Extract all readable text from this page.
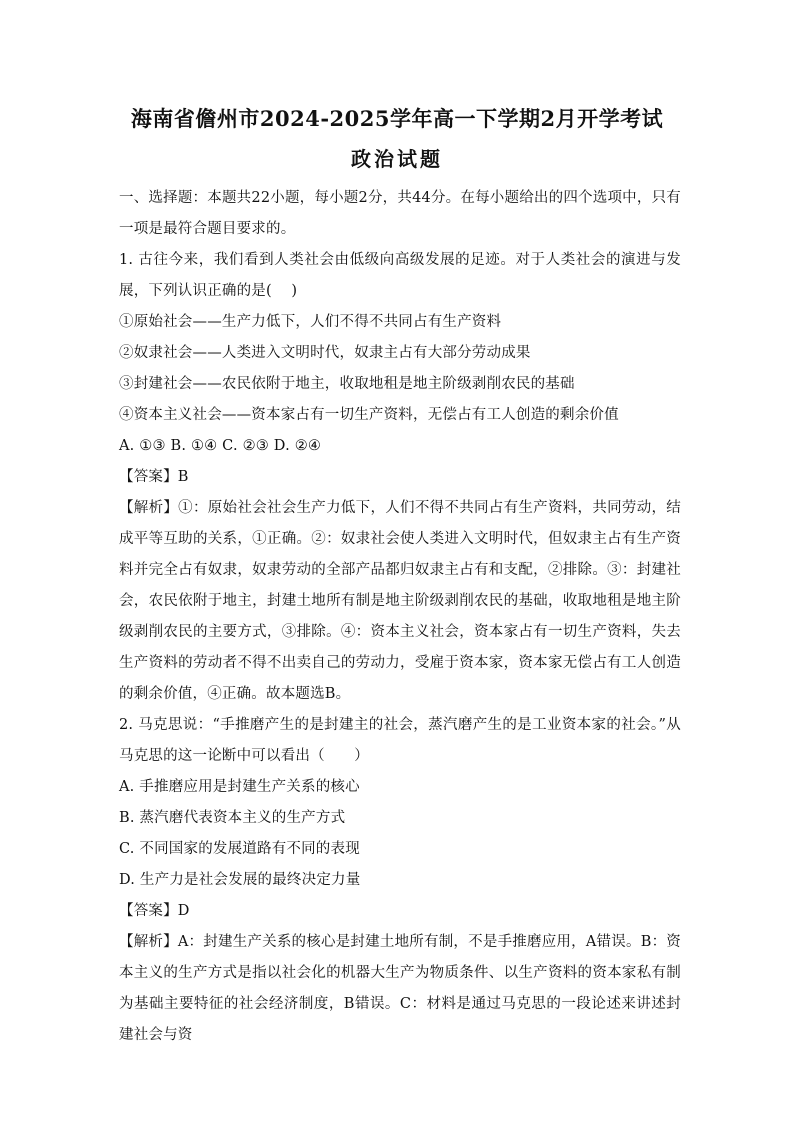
海南省儋州市2024-2025学年高一下学期2月开学考试
政治试题

一、选择题：本题共22小题，每小题2分，共44分。在每小题给出的四个选项中，只有一项是最符合题目要求的。

1. 古往今来，我们看到人类社会由低级向高级发展的足迹。对于人类社会的演进与发展，下列认识正确的是(　 )

①原始社会——生产力低下，人们不得不共同占有生产资料

②奴隶社会——人类进入文明时代，奴隶主占有大部分劳动成果

③封建社会——农民依附于地主，收取地租是地主阶级剥削农民的基础

④资本主义社会——资本家占有一切生产资料，无偿占有工人创造的剩余价值

A. ①③ B. ①④ C. ②③ D. ②④

【答案】B

【解析】①：原始社会社会生产力低下，人们不得不共同占有生产资料，共同劳动，结成平等互助的关系，①正确。②：奴隶社会使人类进入文明时代，但奴隶主占有生产资料并完全占有奴隶，奴隶劳动的全部产品都归奴隶主占有和支配，②排除。③：封建社会，农民依附于地主，封建土地所有制是地主阶级剥削农民的基础，收取地租是地主阶级剥削农民的主要方式，③排除。④：资本主义社会，资本家占有一切生产资料，失去生产资料的劳动者不得不出卖自己的劳动力，受雇于资本家，资本家无偿占有工人创造的剩余价值，④正确。故本题选B。

2. 马克思说：“手推磨产生的是封建主的社会，蒸汽磨产生的是工业资本家的社会。”从马克思的这一论断中可以看出（　　）

A. 手推磨应用是封建生产关系的核心

B. 蒸汽磨代表资本主义的生产方式

C. 不同国家的发展道路有不同的表现

D. 生产力是社会发展的最终决定力量

【答案】D

【解析】A：封建生产关系的核心是封建土地所有制，不是手推磨应用，A错误。B：资本主义的生产方式是指以社会化的机器大生产为物质条件、以生产资料的资本家私有制为基础主要特征的社会经济制度，B错误。C：材料是通过马克思的一段论述来讲述封建社会与资
